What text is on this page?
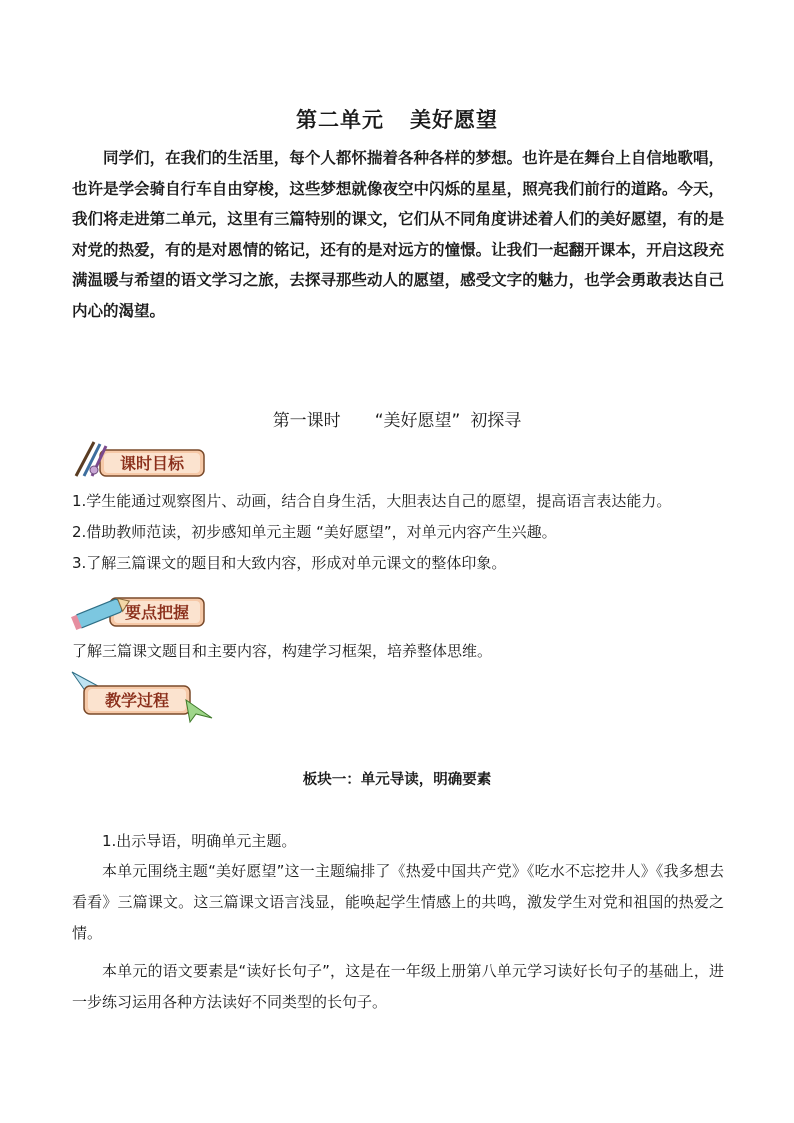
第二单元 美好愿望

同学们，在我们的生活里，每个人都怀揣着各种各样的梦想。也许是在舞台上自信地歌唱，也许是学会骑自行车自由穿梭，这些梦想就像夜空中闪烁的星星，照亮我们前行的道路。今天，我们将走进第二单元，这里有三篇特别的课文，它们从不同角度讲述着人们的美好愿望，有的是对党的热爱，有的是对恩情的铭记，还有的是对远方的憧憬。让我们一起翻开课本，开启这段充满温暖与希望的语文学习之旅，去探寻那些动人的愿望，感受文字的魅力，也学会勇敢表达自己内心的渴望。

第一课时 “美好愿望” 初探寻
课时目标
1.学生能通过观察图片、动画，结合自身生活，大胆表达自己的愿望，提高语言表达能力。
2.借助教师范读，初步感知单元主题 “美好愿望”，对单元内容产生兴趣。
3.了解三篇课文的题目和大致内容，形成对单元课文的整体印象。
要点把握
了解三篇课文题目和主要内容，构建学习框架，培养整体思维。
教学过程
板块一：单元导读，明确要素

1.出示导语，明确单元主题。

本单元围绕主题“美好愿望”这一主题编排了《热爱中国共产党》《吃水不忘挖井人》《我多想去看看》三篇课文。这三篇课文语言浅显，能唤起学生情感上的共鸣，激发学生对党和祖国的热爱之情。

本单元的语文要素是“读好长句子”，这是在一年级上册第八单元学习读好长句子的基础上，进一步练习运用各种方法读好不同类型的长句子。
